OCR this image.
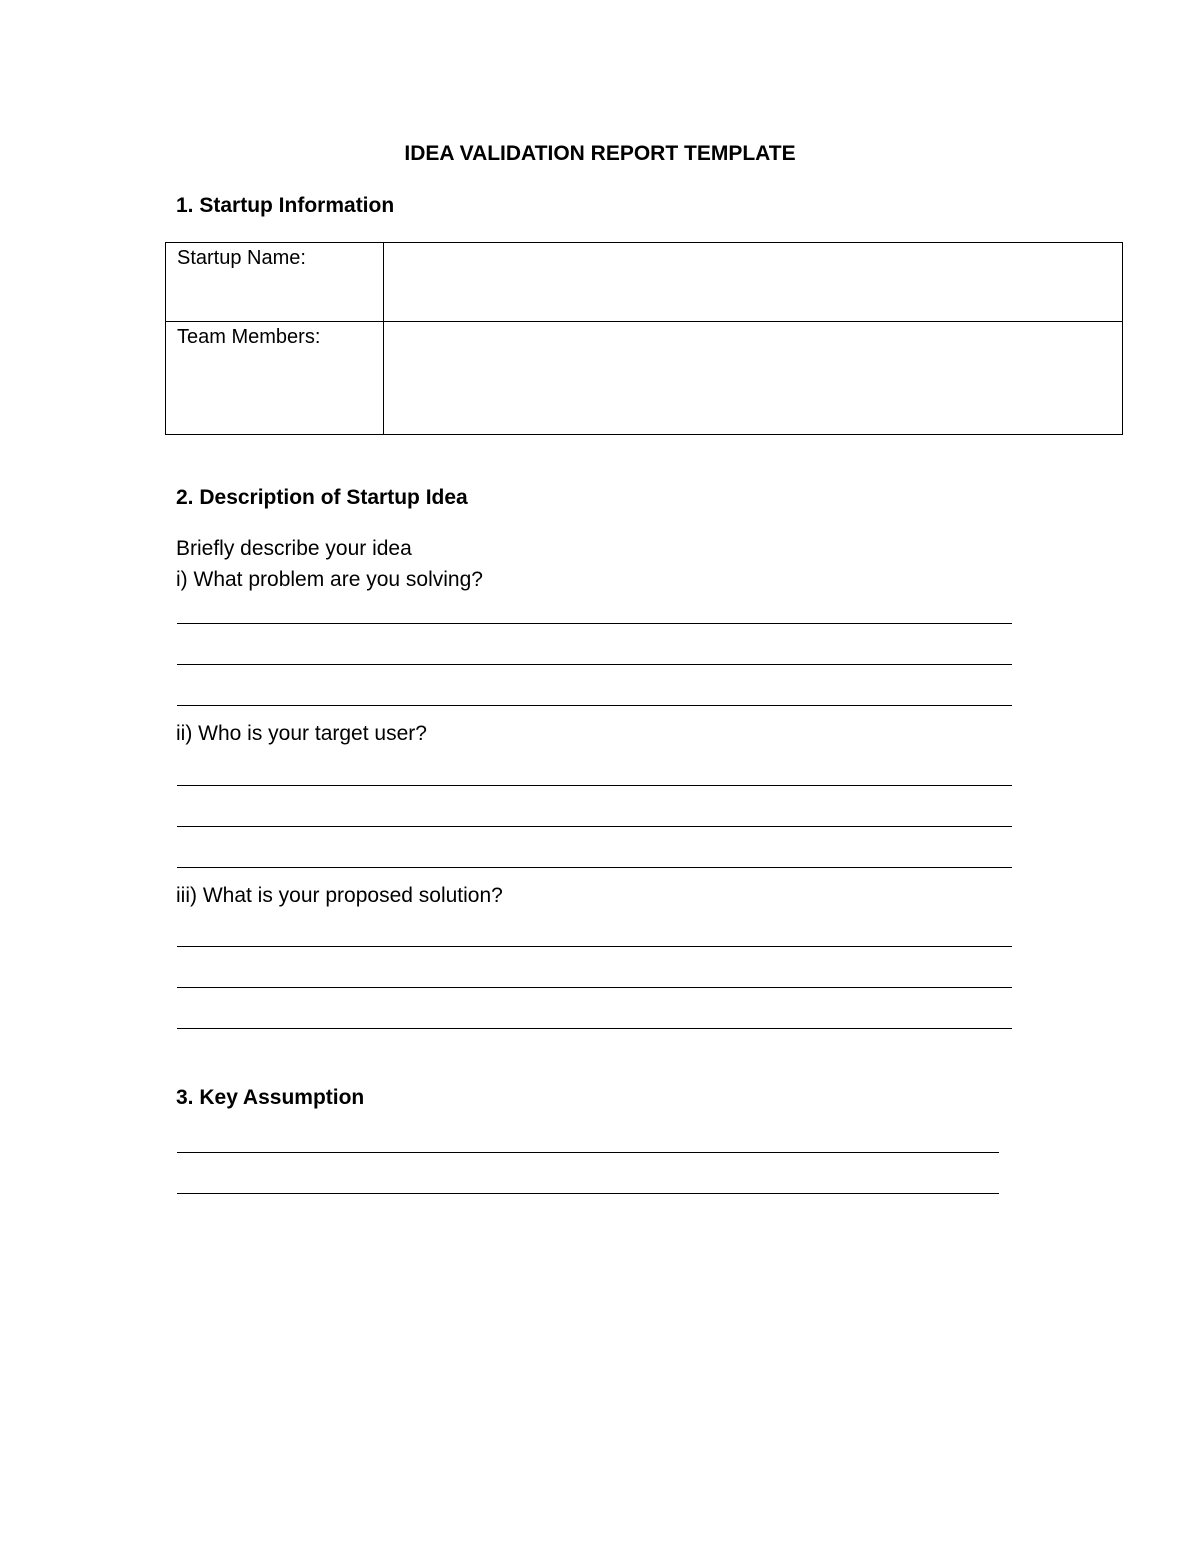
IDEA VALIDATION REPORT TEMPLATE
1. Startup Information
Startup Name:	
Team Members:	
2. Description of Startup Idea
Briefly describe your idea
i) What problem are you solving?
ii) Who is your target user?
iii) What is your proposed solution?
3. Key Assumption
